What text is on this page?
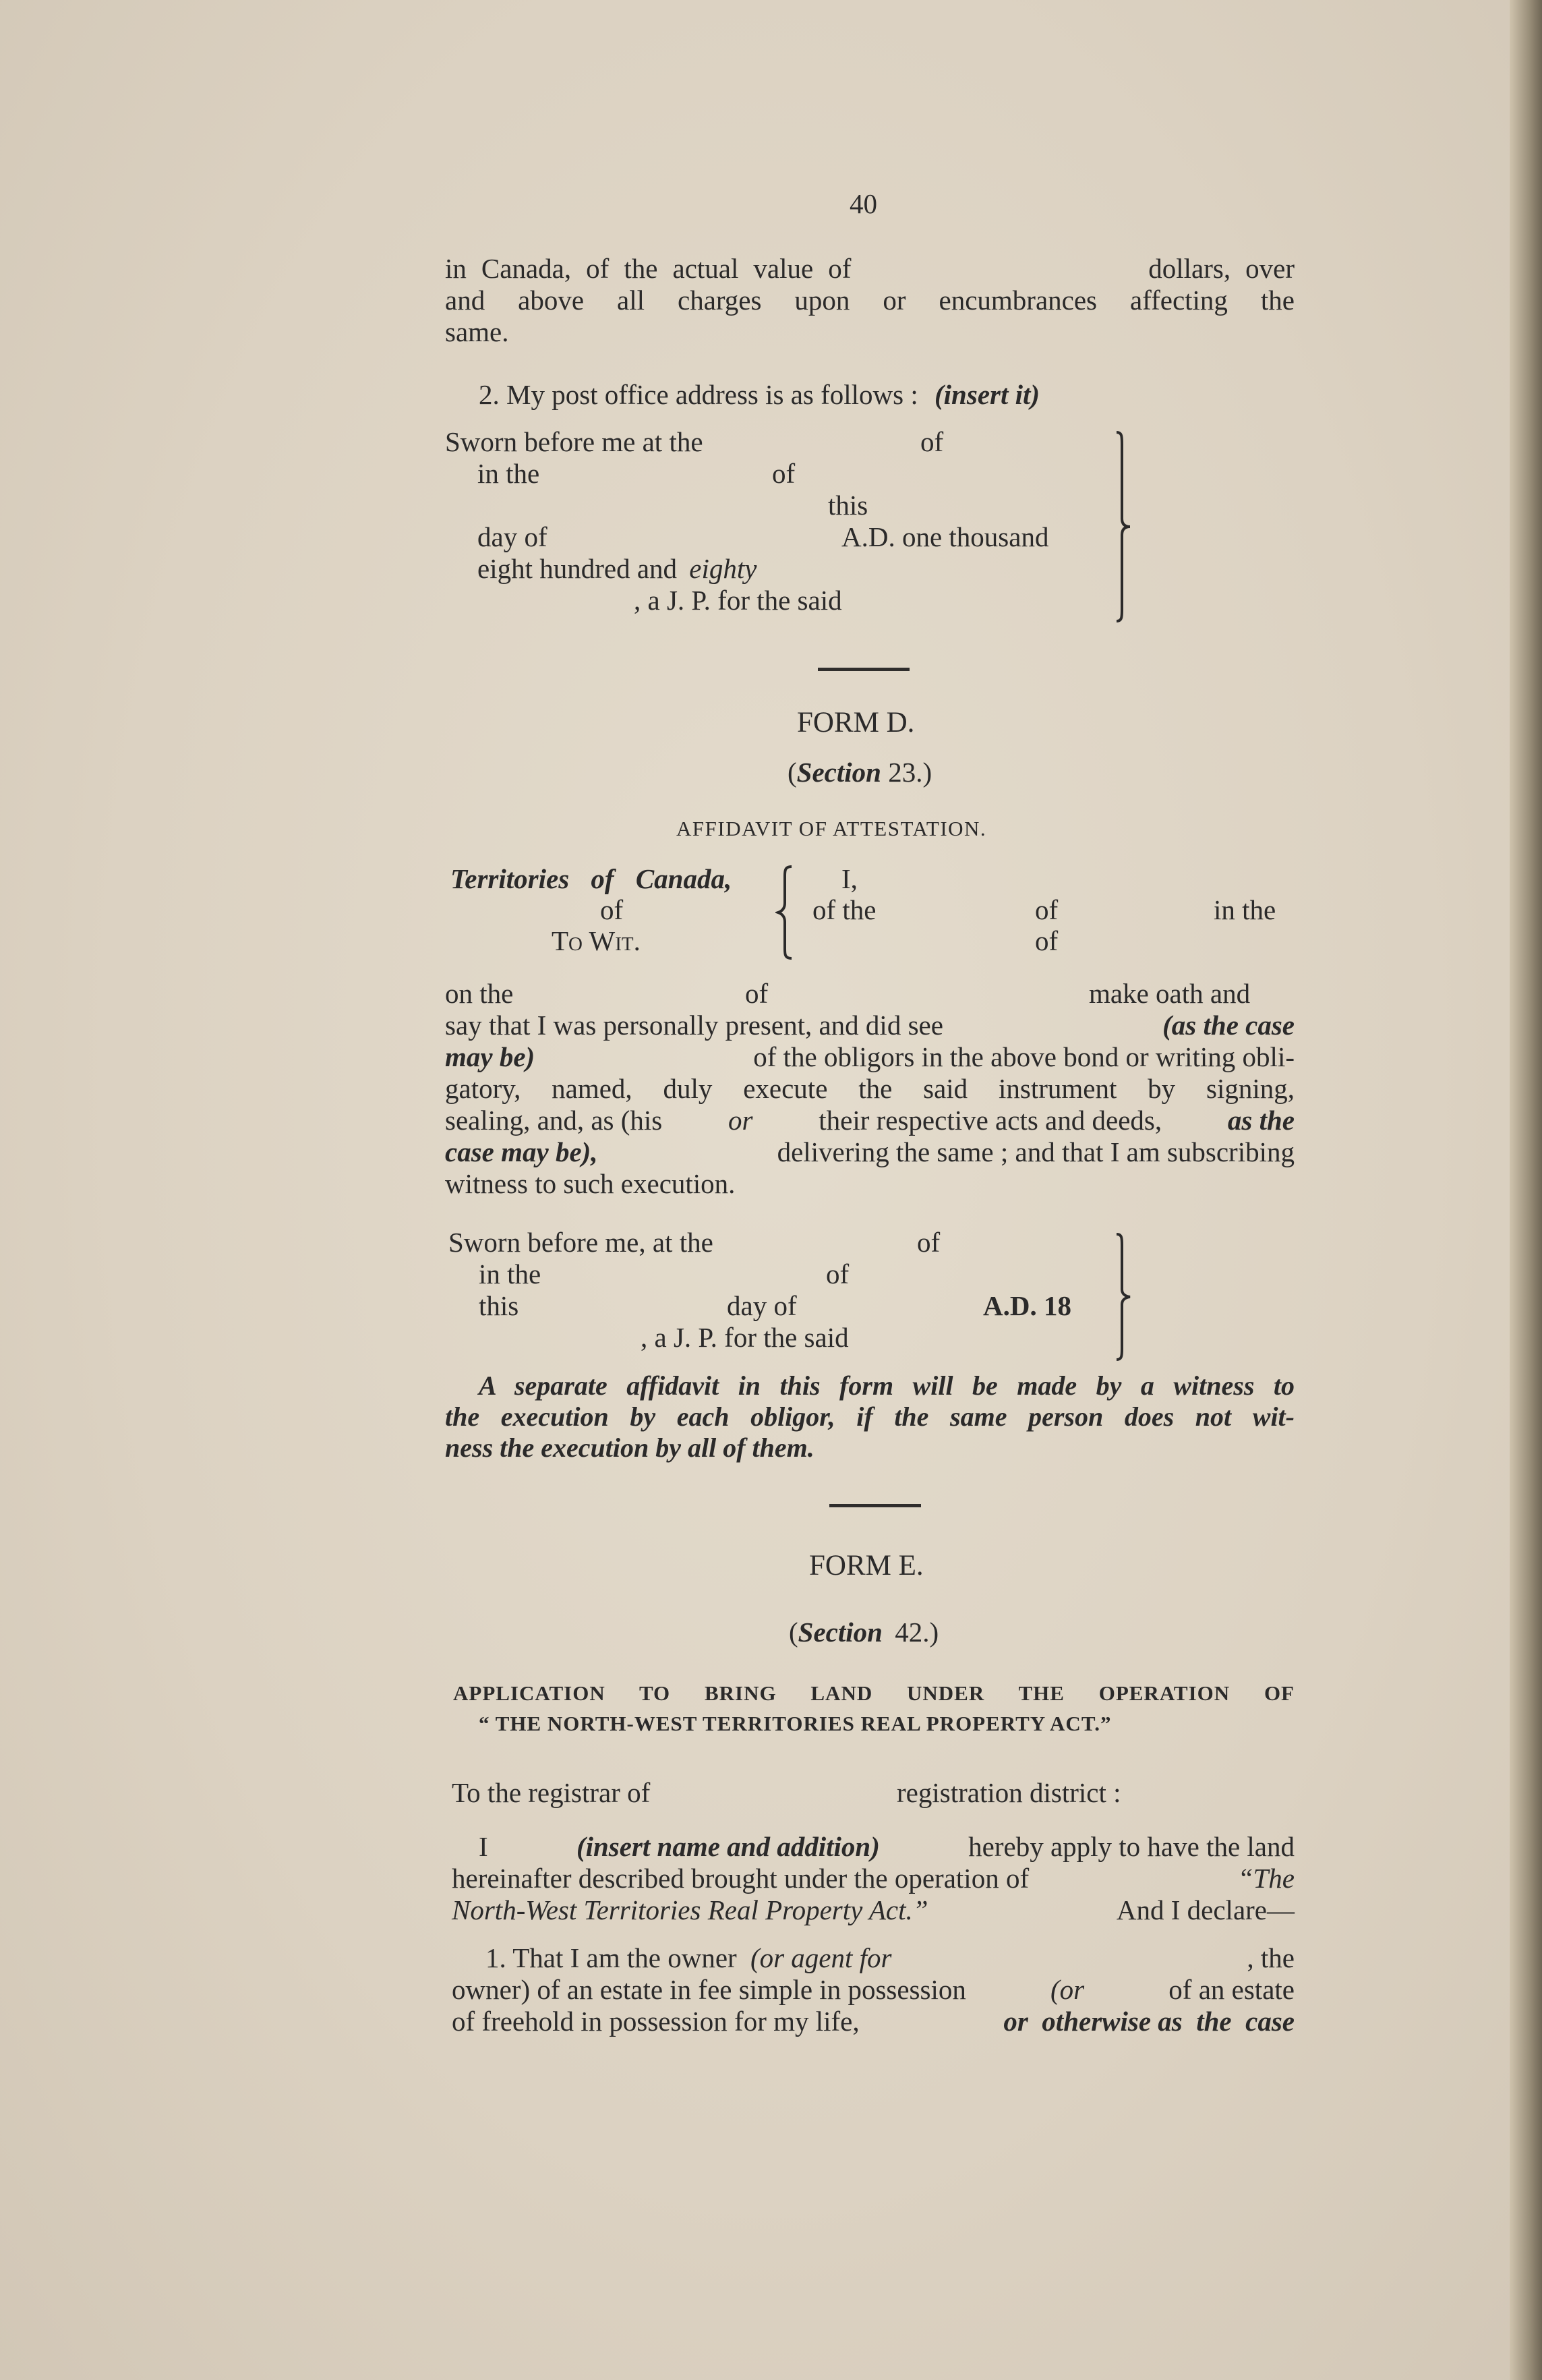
40
in Canada, of the actual value of                    dollars, over
and above all charges upon or encumbrances affecting the
same.
2. My post office address is as follows : (insert it)
Sworn before me at the	of
in the	of
this
day of	A.D. one thousand
eight hundred and eighty
, a J. P. for the said
FORM D.
(Section 23.)
AFFIDAVIT OF ATTESTATION.
Territories of Canada,
of
To Wit.
I,
of the	of	in the
of
on the	of	make oath and
say that I was personally present, and did see	(as the case
may be)	of the obligors in the above bond or writing obli-
gatory, named, duly execute the said instrument by signing,
sealing, and, as (his or their respective acts and deeds, as the
case may be),	delivering the same ; and that I am subscribing
witness to such execution.
Sworn before me, at the	of
in the	of
this	day of	A.D. 18
, a J. P. for the said
A separate affidavit in this form will be made by a witness to
the execution by each obligor, if the same person does not wit-
ness the execution by all of them.
FORM E.
(Section 42.)
APPLICATION TO BRING LAND UNDER THE OPERATION OF
“ THE NORTH-WEST TERRITORIES REAL PROPERTY ACT.”
To the registrar of	registration district :
I	(insert name and addition)	hereby apply to have the land
hereinafter described brought under the operation of	“The
North-West Territories Real Property Act.”	And I declare—
1. That I am the owner (or agent for	, the
owner) of an estate in fee simple in possession	(or	of an estate
of freehold in possession for my life,	or  otherwise as  the  case
